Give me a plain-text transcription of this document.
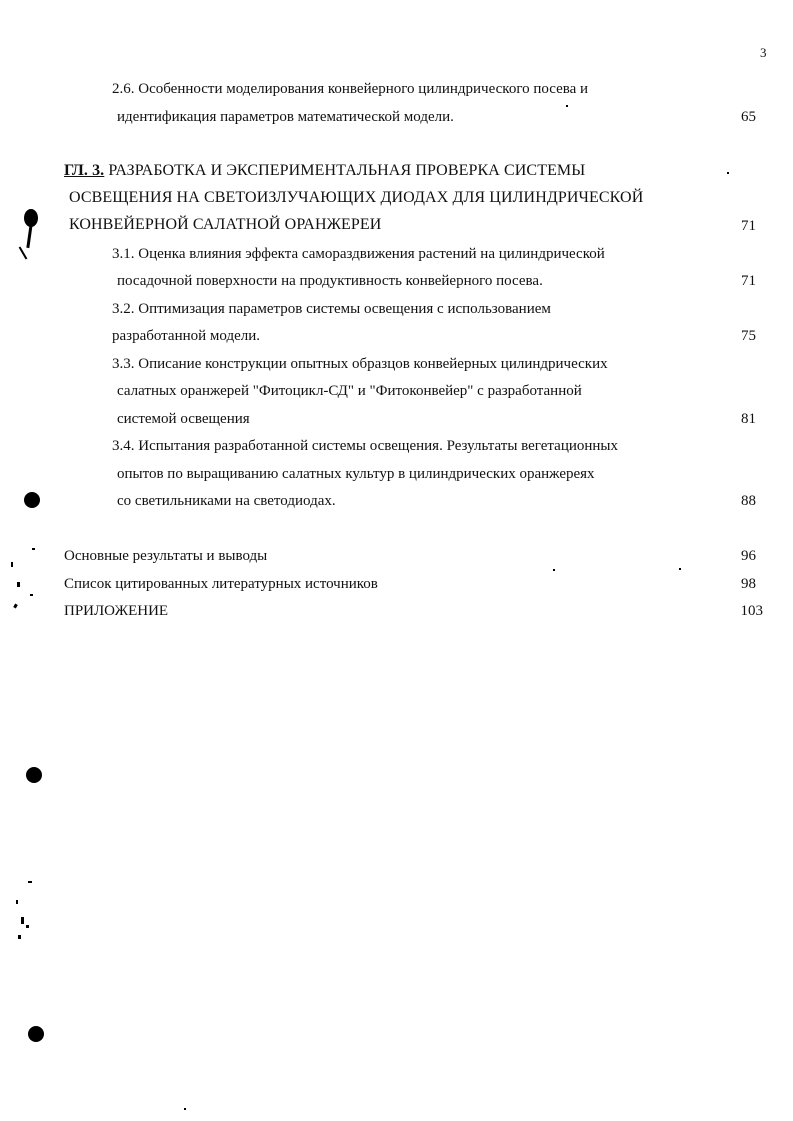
3
2.6. Особенности моделирования конвейерного цилиндрического посева и
идентификация параметров математической модели.	65
ГЛ. 3. РАЗРАБОТКА И ЭКСПЕРИМЕНТАЛЬНАЯ ПРОВЕРКА СИСТЕМЫ
ОСВЕЩЕНИЯ НА СВЕТОИЗЛУЧАЮЩИХ ДИОДАХ ДЛЯ ЦИЛИНДРИЧЕСКОЙ
КОНВЕЙЕРНОЙ САЛАТНОЙ ОРАНЖЕРЕИ	71
3.1. Оценка влияния эффекта самораздвижения растений на цилиндрической
посадочной поверхности на продуктивность конвейерного посева.	71
3.2. Оптимизация параметров системы освещения с использованием
разработанной модели.	75
3.3. Описание конструкции опытных образцов конвейерных цилиндрических
салатных оранжерей "Фитоцикл-СД" и "Фитоконвейер" с разработанной
системой освещения	81
3.4. Испытания разработанной системы освещения. Результаты вегетационных
опытов по выращиванию салатных культур в цилиндрических оранжереях
со светильниками на светодиодах.	88
Основные результаты и выводы	96
Список цитированных литературных источников	98
ПРИЛОЖЕНИЕ	103
